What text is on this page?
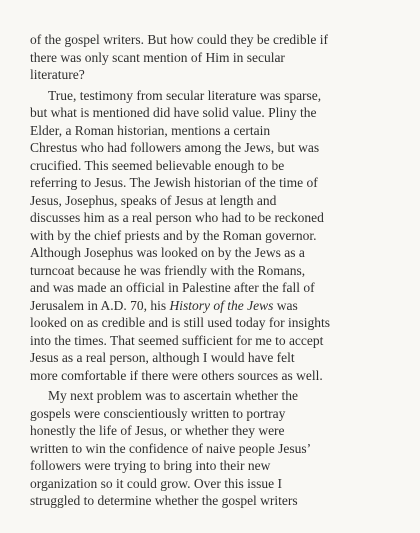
of the gospel writers. But how could they be credible if
there was only scant mention of Him in secular
literature?

True, testimony from secular literature was sparse,
but what is mentioned did have solid value. Pliny the
Elder, a Roman historian, mentions a certain
Chrestus who had followers among the Jews, but was
crucified. This seemed believable enough to be
referring to Jesus. The Jewish historian of the time of
Jesus, Josephus, speaks of Jesus at length and
discusses him as a real person who had to be reckoned
with by the chief priests and by the Roman governor.
Although Josephus was looked on by the Jews as a
turncoat because he was friendly with the Romans,
and was made an official in Palestine after the fall of
Jerusalem in A.D. 70, his History of the Jews was
looked on as credible and is still used today for insights
into the times. That seemed sufficient for me to accept
Jesus as a real person, although I would have felt
more comfortable if there were others sources as well.

My next problem was to ascertain whether the
gospels were conscientiously written to portray
honestly the life of Jesus, or whether they were
written to win the confidence of naive people Jesus’
followers were trying to bring into their new
organization so it could grow. Over this issue I
struggled to determine whether the gospel writers
